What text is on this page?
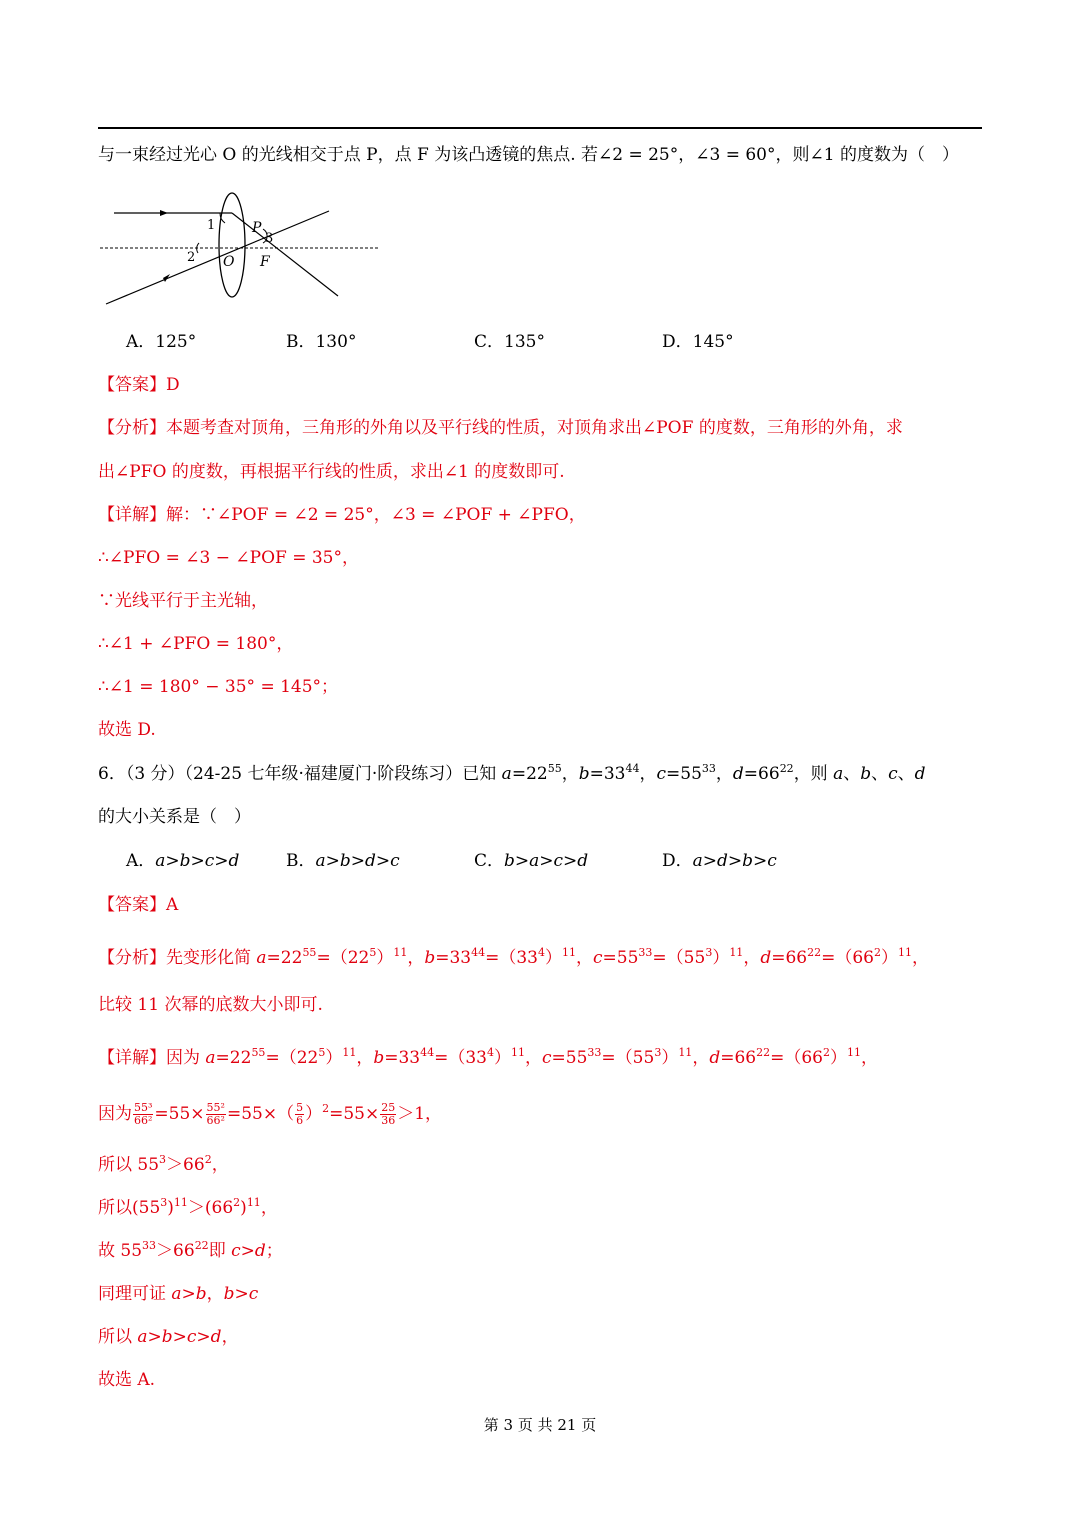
与一束经过光心 O 的光线相交于点 P，点 F 为该凸透镜的焦点. 若∠2 = 25°，∠3 = 60°，则∠1 的度数为（　）
1
2
3
P
O F
A．125°	B．130°	C．135°	D．145°
【答案】D
【分析】本题考查对顶角，三角形的外角以及平行线的性质，对顶角求出∠POF 的度数，三角形的外角，求
出∠PFO 的度数，再根据平行线的性质，求出∠1 的度数即可.
【详解】解：∵∠POF = ∠2 = 25°，∠3 = ∠POF + ∠PFO，
∴∠PFO = ∠3 − ∠POF = 35°，
∵光线平行于主光轴，
∴∠1 + ∠PFO = 180°，
∴∠1 = 180° − 35° = 145°；
故选 D.
6．（3 分）（24-25 七年级·福建厦门·阶段练习）已知 $a=22^{55}$，$b=33^{44}$，$c=55^{33}$，$d=66^{22}$，则 a、b、c、d
的大小关系是（　）
A．a>b>c>d	B．a>b>d>c	C．b>a>c>d	D．a>d>b>c
【答案】A
【分析】先变形化简 $a=22^{55}=(22^5)^{11}$，$b=33^{44}=(33^4)^{11}$，$c=55^{33}=(55^3)^{11}$，$d=66^{22}=(66^2)^{11}$，
比较 11 次幂的底数大小即可.
【详解】因为 $a=22^{55}=(22^5)^{11}$，$b=33^{44}=(33^4)^{11}$，$c=55^{33}=(55^3)^{11}$，$d=66^{22}=(66^2)^{11}$，
因为 $\frac{\text{55³}}{\text{66²}} =55\times \frac{\text{55²}}{\text{66²}} =55\times( \frac{5}{6} )^2=55\times \frac{25}{36} >1$，
所以 $55^3>66^2$，
所以$(55^3)^{11}>(66^2)^{11}$，
故 $55^{33}>66^{22}$即 c>d；
同理可证 a>b，b>c
所以 a>b>c>d，
故选 A.
第 3 页 共 21 页
